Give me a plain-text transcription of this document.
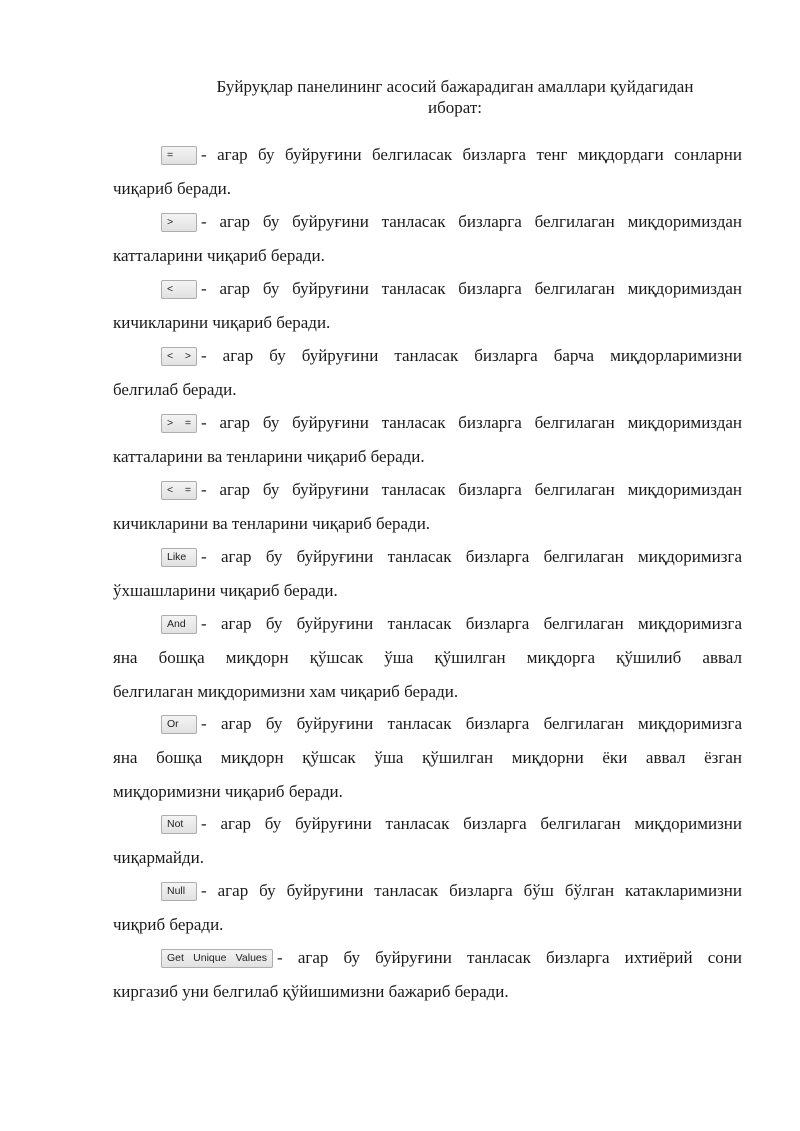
Буйруқлар панелининг асосий бажарадиган амаллари қуйдагидан
иборат:
= - агар бу буйруғини белгиласак бизларга тенг миқдордаги сонларни
чиқариб беради.
> - агар бу буйруғини танласак бизларга белгилаган миқдоримиздан
катталарини чиқариб беради.
< - агар бу буйруғини танласак бизларга белгилаган миқдоримиздан
кичикларини чиқариб беради.
< > - агар бу буйруғини танласак бизларга барча миқдорларимизни
белгилаб беради.
> = - агар бу буйруғини танласак бизларга белгилаган миқдоримиздан
катталарини ва тенларини чиқариб беради.
< = - агар бу буйруғини танласак бизларга белгилаган миқдоримиздан
кичикларини ва тенларини чиқариб беради.
Like - агар бу буйруғини танласак бизларга белгилаган миқдоримизга
ўхшашларини чиқариб беради.
And - агар бу буйруғини танласак бизларга белгилаган миқдоримизга
яна бошқа миқдорн қўшсак ўша қўшилган миқдорга қўшилиб аввал
белгилаган миқдоримизни хам чиқариб беради.
Or - агар бу буйруғини танласак бизларга белгилаган миқдоримизга
яна бошқа миқдорн қўшсак ўша қўшилган миқдорни ёки аввал ёзган
миқдоримизни чиқариб беради.
Not - агар бу буйруғини танласак бизларга белгилаган миқдоримизни
чиқармайди.
Null - агар бу буйруғини танласак бизларга бўш бўлган катакларимизни
чиқриб беради.
Get Unique Values - агар бу буйруғини танласак бизларга ихтиёрий сони
киргазиб уни белгилаб қўйишимизни бажариб беради.
